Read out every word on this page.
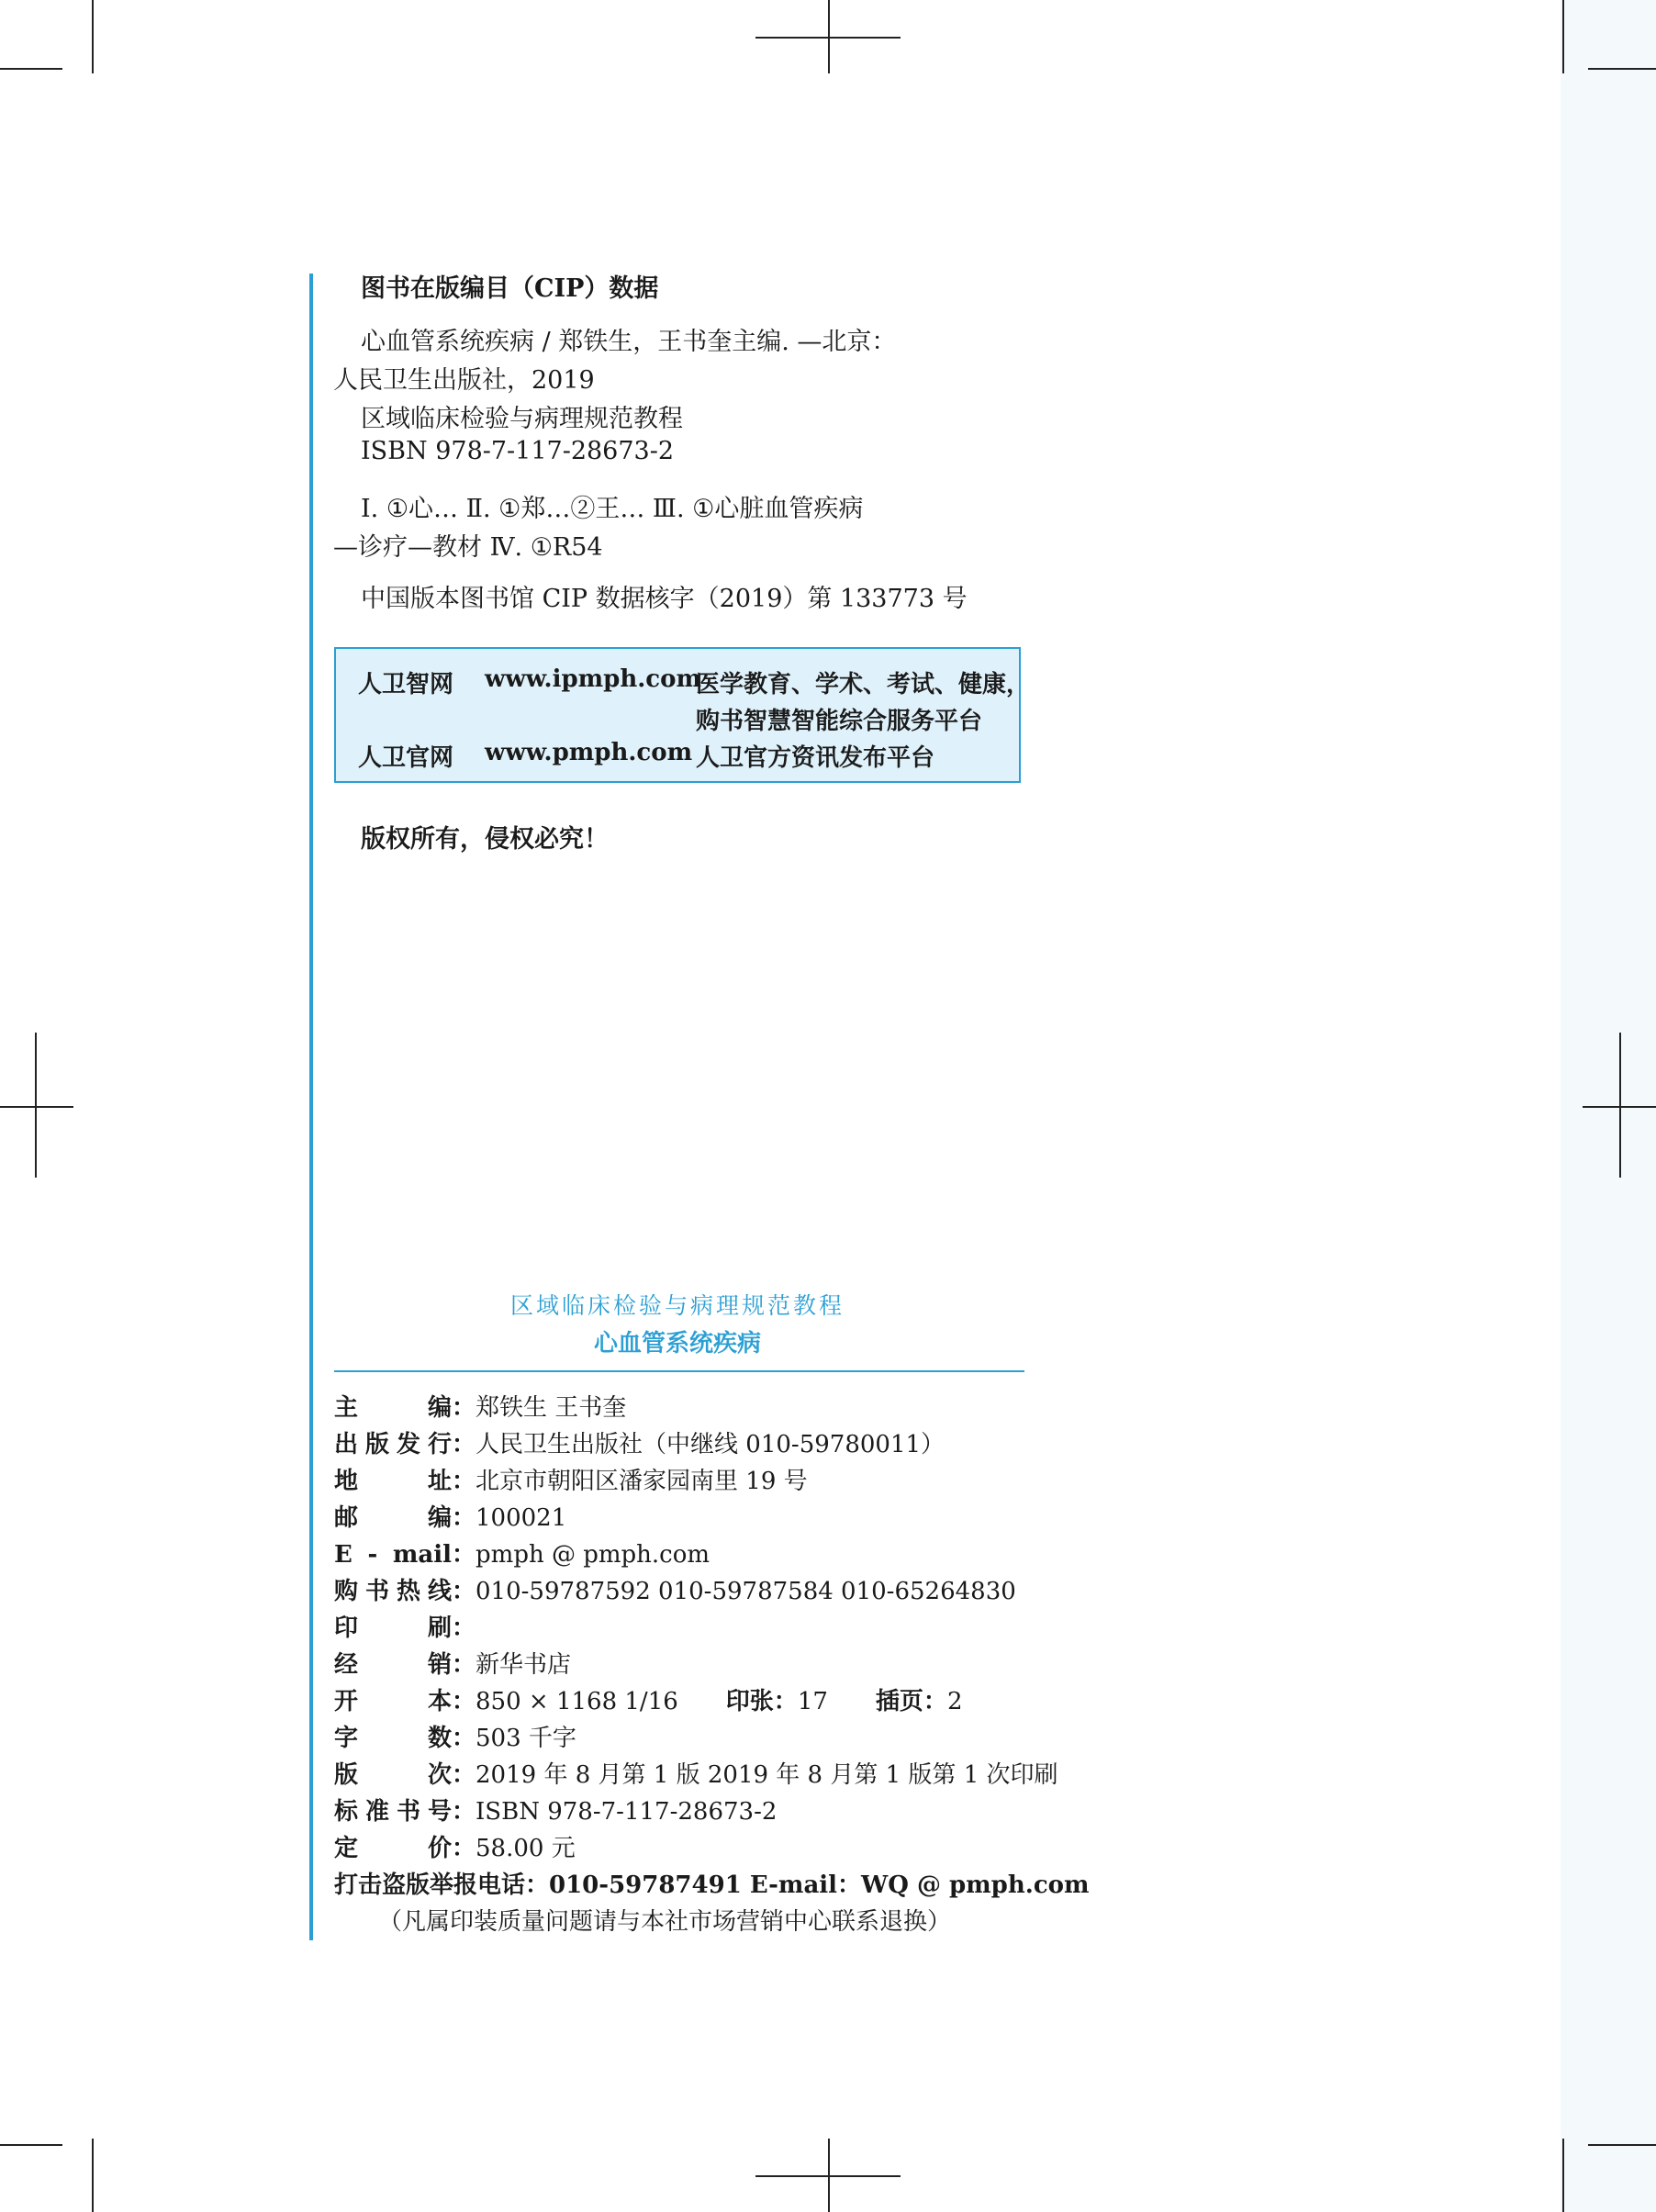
图书在版编目（CIP）数据
心血管系统疾病 / 郑铁生，王书奎主编. —北京：
人民卫生出版社，2019
区域临床检验与病理规范教程
ISBN 978-7-117-28673-2
Ⅰ. ①心… Ⅱ. ①郑…②王… Ⅲ. ①心脏血管疾病
—诊疗—教材 Ⅳ. ①R54
中国版本图书馆 CIP 数据核字（2019）第 133773 号
人卫智网 www.ipmph.com
医学教育、学术、考试、健康，
购书智慧智能综合服务平台
人卫官网 www.pmph.com 人卫官方资讯发布平台
版权所有，侵权必究！
区域临床检验与病理规范教程
心血管系统疾病
主编：郑铁生 王书奎
出版发行：人民卫生出版社（中继线 010-59780011）
地址：北京市朝阳区潘家园南里 19 号
邮编：100021
E - mail：pmph @ pmph.com
购书热线：010-59787592 010-59787584 010-65264830
印刷：
经销：新华书店
开本：850 × 1168 1/16 印张：17 插页：2
字数：503 千字
版次：2019 年 8 月第 1 版 2019 年 8 月第 1 版第 1 次印刷
标准书号：ISBN 978-7-117-28673-2
定价：58.00 元
打击盗版举报电话：010-59787491 E-mail：WQ @ pmph.com
（凡属印装质量问题请与本社市场营销中心联系退换）
